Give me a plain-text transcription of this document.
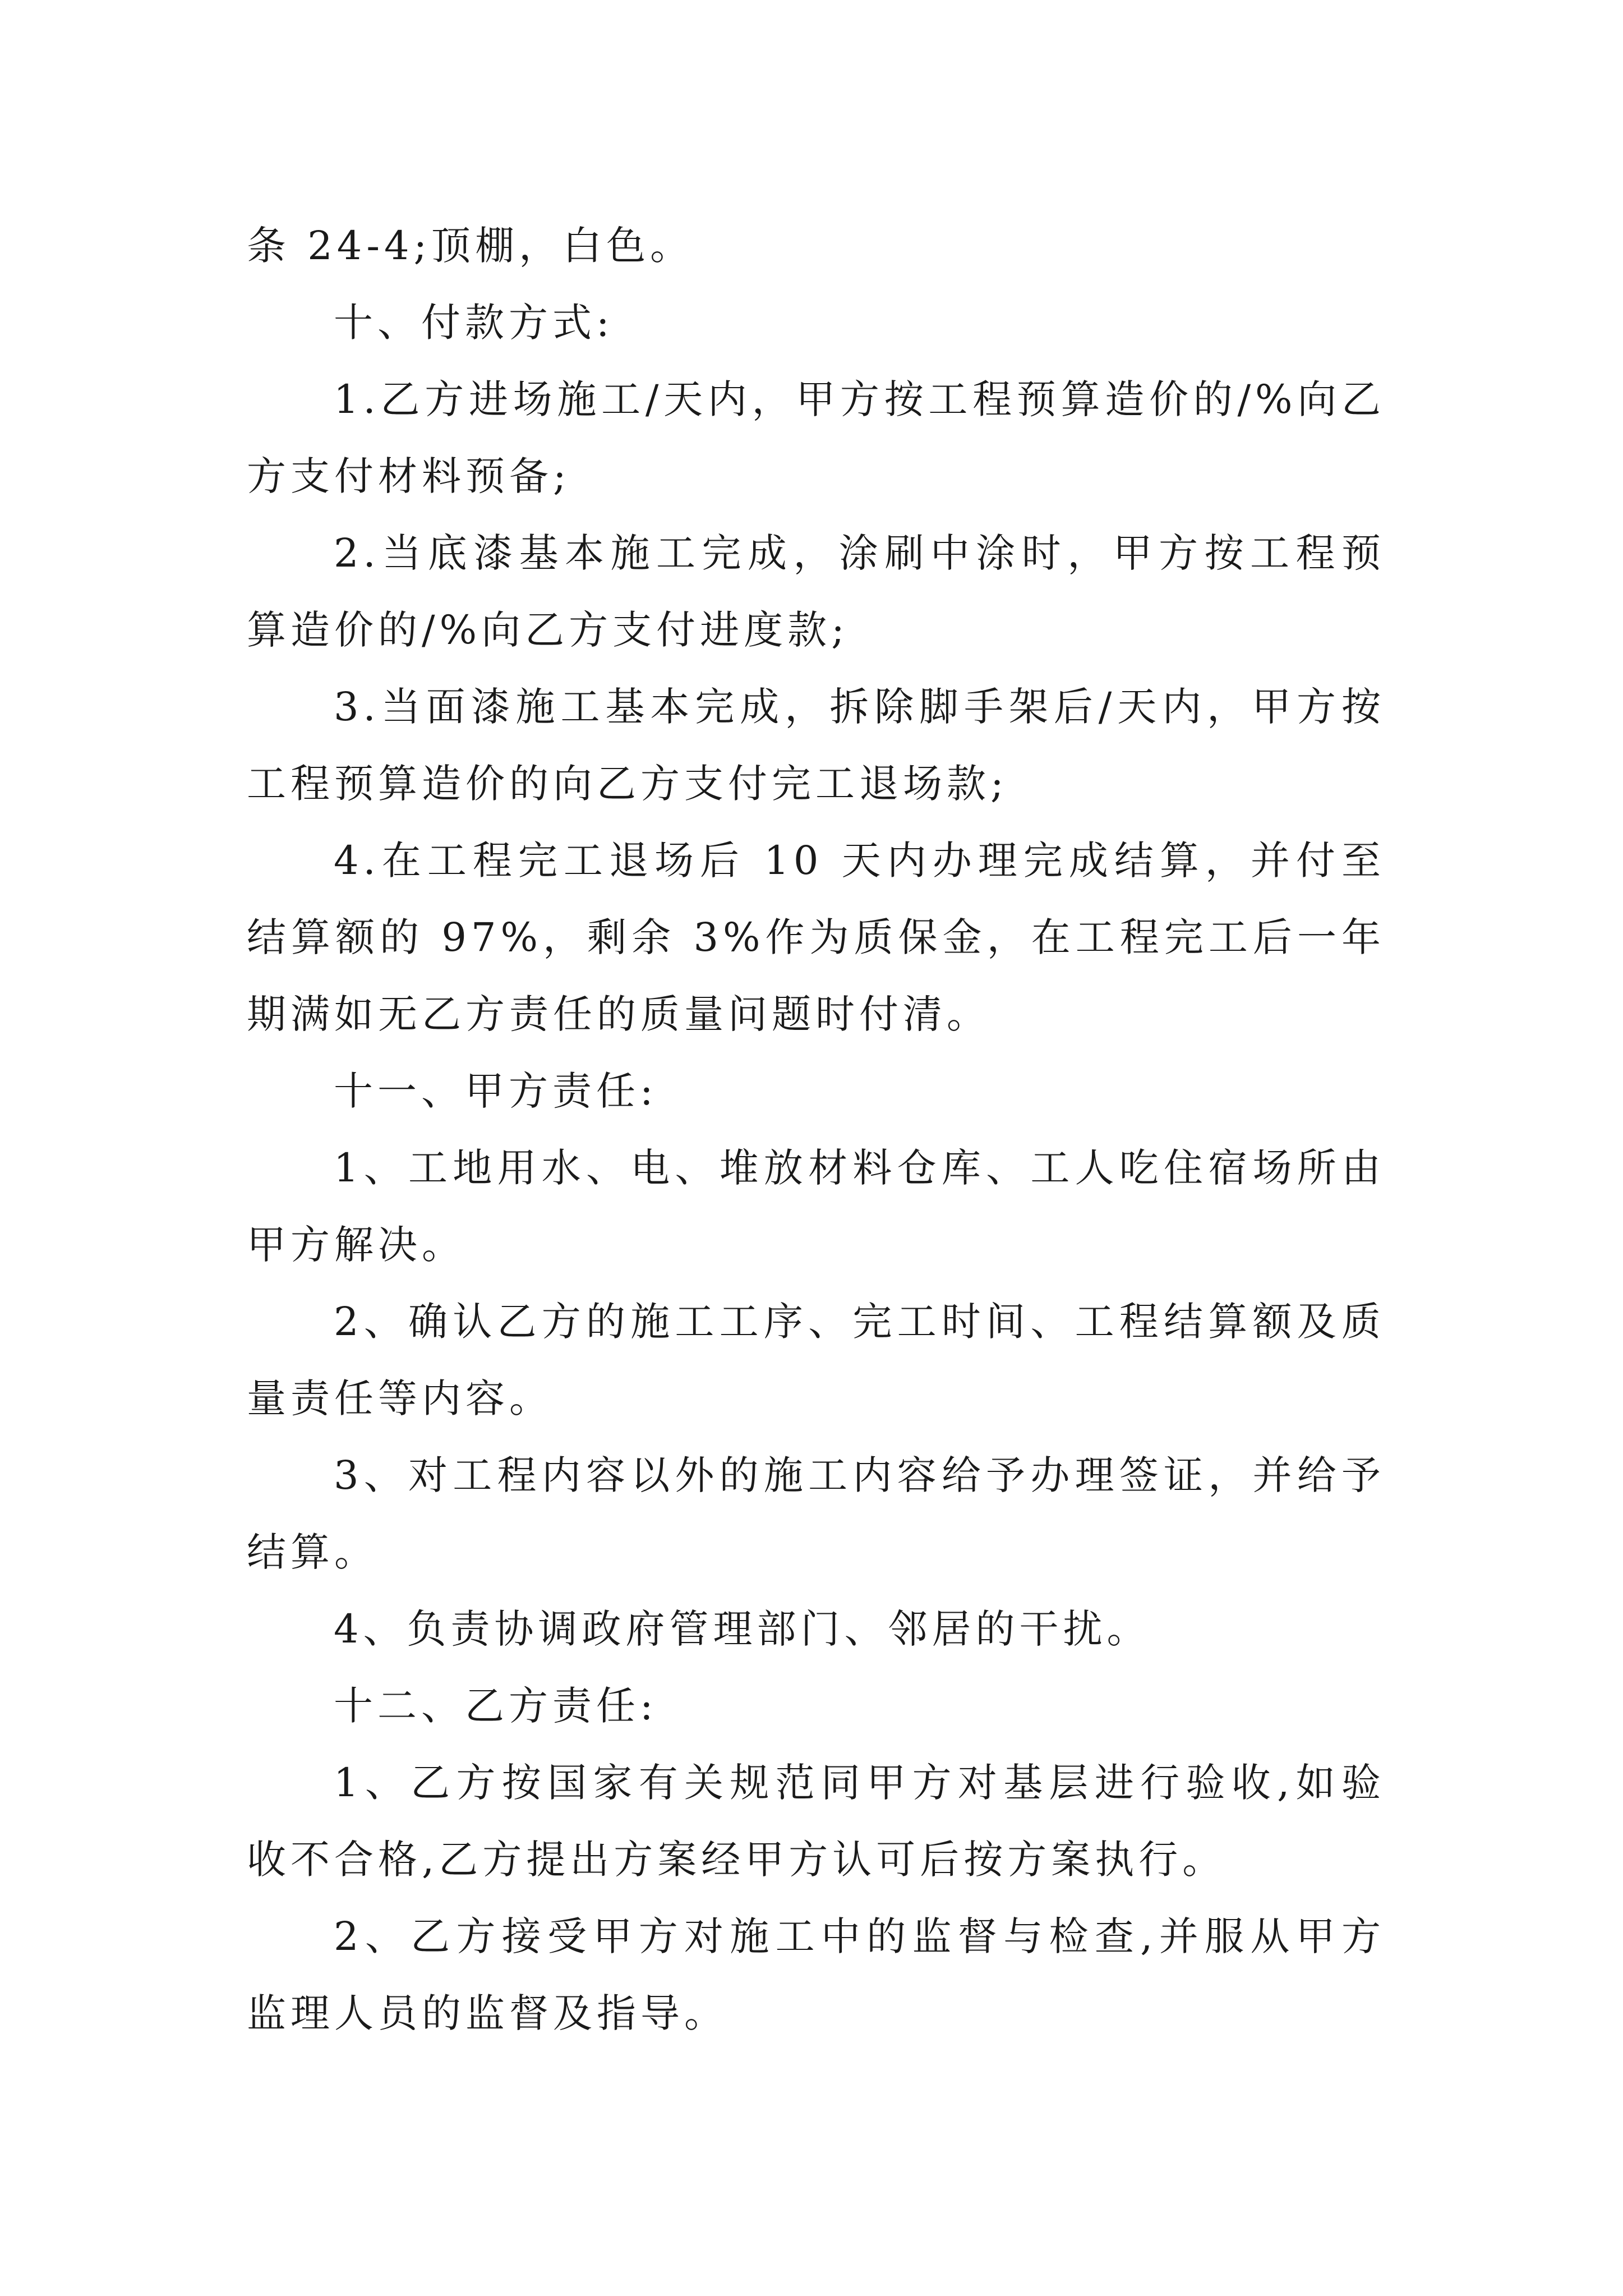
条 24-4;顶棚，白色。

十、付款方式:

1.乙方进场施工/天内，甲方按工程预算造价的/%向乙方支付材料预备;

2.当底漆基本施工完成，涂刷中涂时，甲方按工程预算造价的/%向乙方支付进度款;

3.当面漆施工基本完成，拆除脚手架后/天内，甲方按工程预算造价的向乙方支付完工退场款;

4.在工程完工退场后 10 天内办理完成结算，并付至结算额的 97%，剩余 3%作为质保金，在工程完工后一年期满如无乙方责任的质量问题时付清。

十一、甲方责任:

1、工地用水、电、堆放材料仓库、工人吃住宿场所由甲方解决。

2、确认乙方的施工工序、完工时间、工程结算额及质量责任等内容。

3、对工程内容以外的施工内容给予办理签证，并给予结算。

4、负责协调政府管理部门、邻居的干扰。

十二、乙方责任:

1、乙方按国家有关规范同甲方对基层进行验收,如验收不合格,乙方提出方案经甲方认可后按方案执行。

2、乙方接受甲方对施工中的监督与检查,并服从甲方监理人员的监督及指导。
